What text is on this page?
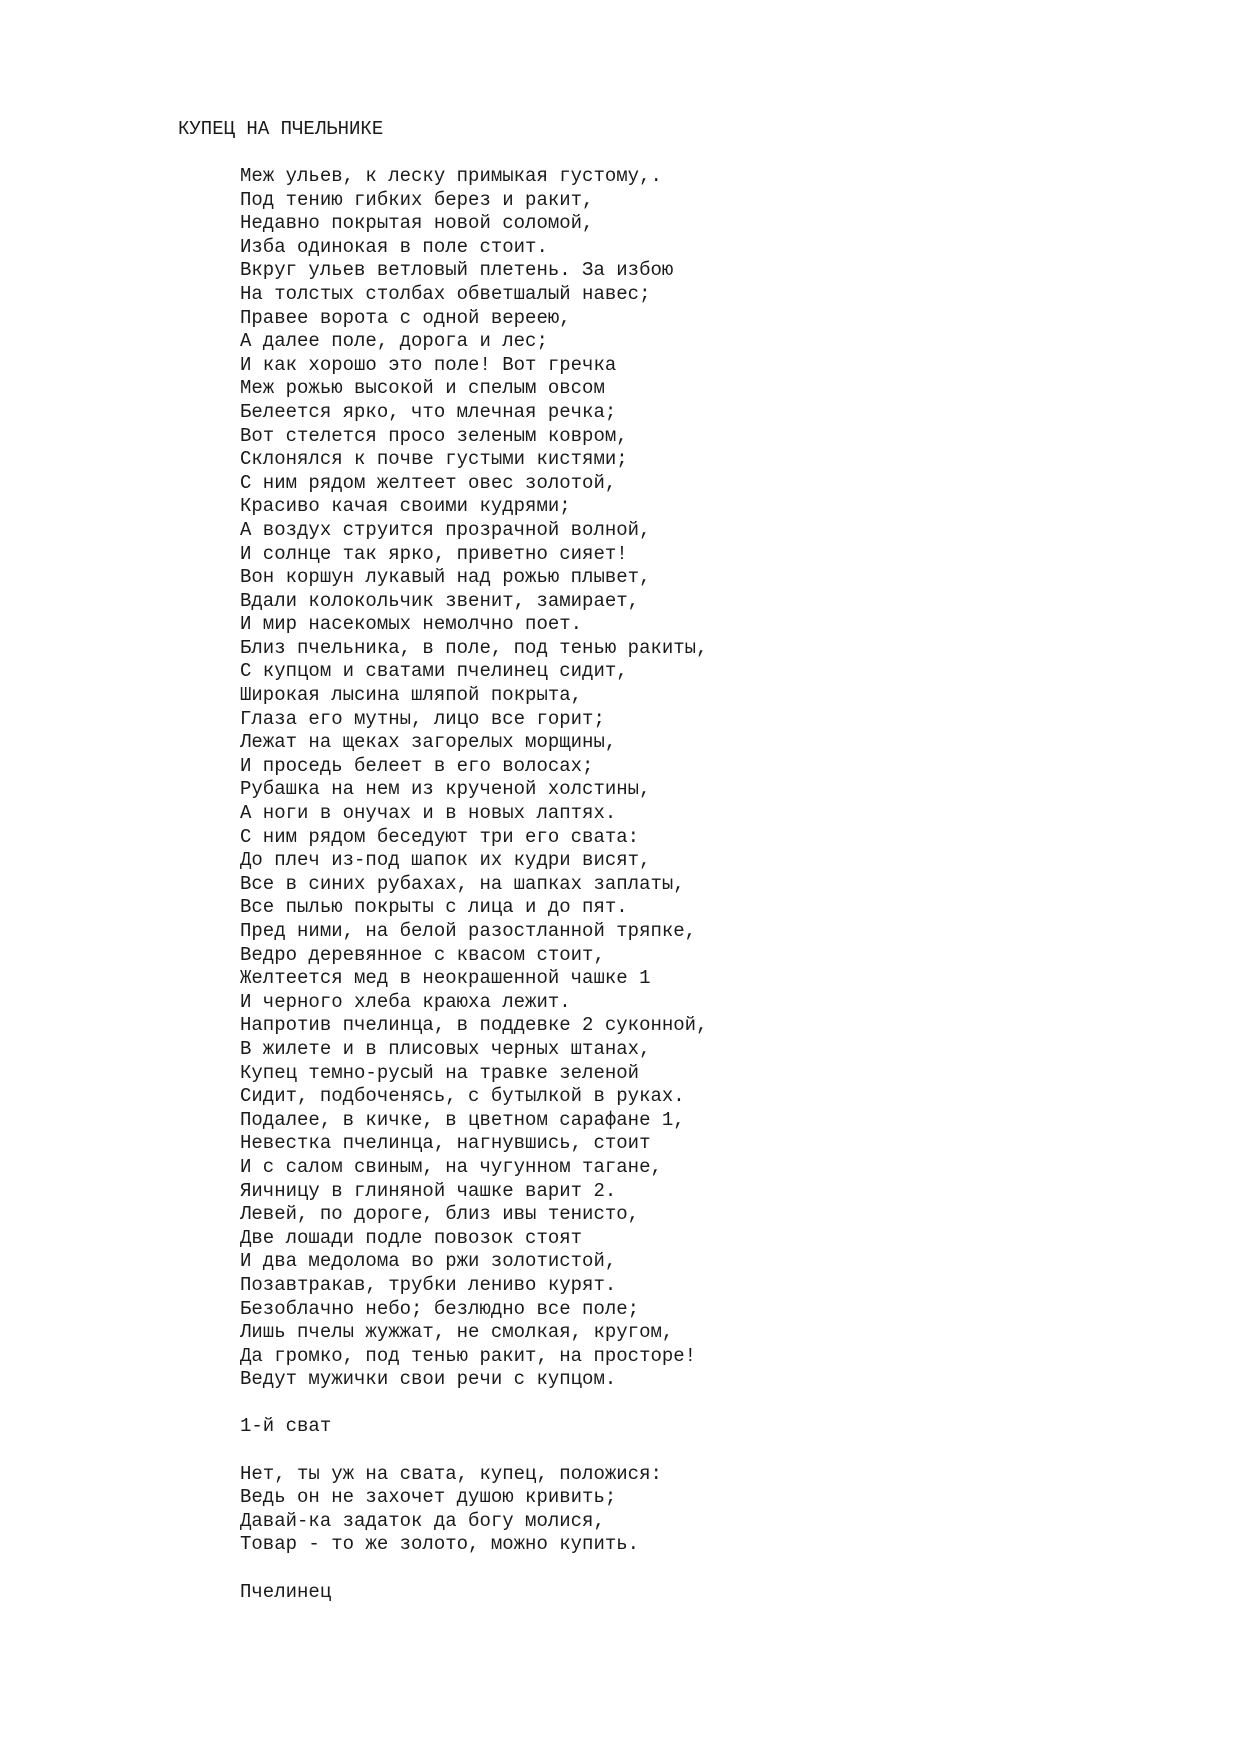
КУПЕЦ НА ПЧЕЛЬНИКЕ
Меж ульев, к леску примыкая густому,.
Под тению гибких берез и ракит,
Недавно покрытая новой соломой,
Изба одинокая в поле стоит.
Вкруг ульев ветловый плетень. За избою
На толстых столбах обветшалый навес;
Правее ворота с одной вереею,
А далее поле, дорога и лес;
И как хорошо это поле! Вот гречка
Меж рожью высокой и спелым овсом
Белеется ярко, что млечная речка;
Вот стелется просо зеленым ковром,
Склонялся к почве густыми кистями;
С ним рядом желтеет овес золотой,
Красиво качая своими кудрями;
А воздух струится прозрачной волной,
И солнце так ярко, приветно сияет!
Вон коршун лукавый над рожью плывет,
Вдали колокольчик звенит, замирает,
И мир насекомых немолчно поет.
Близ пчельника, в поле, под тенью ракиты,
С купцом и сватами пчелинец сидит,
Широкая лысина шляпой покрыта,
Глаза его мутны, лицо все горит;
Лежат на щеках загорелых морщины,
И проседь белеет в его волосах;
Рубашка на нем из крученой холстины,
А ноги в онучах и в новых лаптях.
С ним рядом беседуют три его свата:
До плеч из-под шапок их кудри висят,
Все в синих рубахах, на шапках заплаты,
Все пылью покрыты с лица и до пят.
Пред ними, на белой разостланной тряпке,
Ведро деревянное с квасом стоит,
Желтеется мед в неокрашенной чашке 1
И черного хлеба краюха лежит.
Напротив пчелинца, в поддевке 2 суконной,
В жилете и в плисовых черных штанах,
Купец темно-русый на травке зеленой
Сидит, подбоченясь, с бутылкой в руках.
Подалее, в кичке, в цветном сарафане 1,
Невестка пчелинца, нагнувшись, стоит
И с салом свиным, на чугунном тагане,
Яичницу в глиняной чашке варит 2.
Левей, по дороге, близ ивы тенисто,
Две лошади подле повозок стоят
И два медолома во ржи золотистой,
Позавтракав, трубки лениво курят.
Безоблачно небо; безлюдно все поле;
Лишь пчелы жужжат, не смолкая, кругом,
Да громко, под тенью ракит, на просторе!
Ведут мужички свои речи с купцом.
1-й сват
Нет, ты уж на свата, купец, положися:
Ведь он не захочет душою кривить;
Давай-ка задаток да богу молися,
Товар - то же золото, можно купить.
Пчелинец
